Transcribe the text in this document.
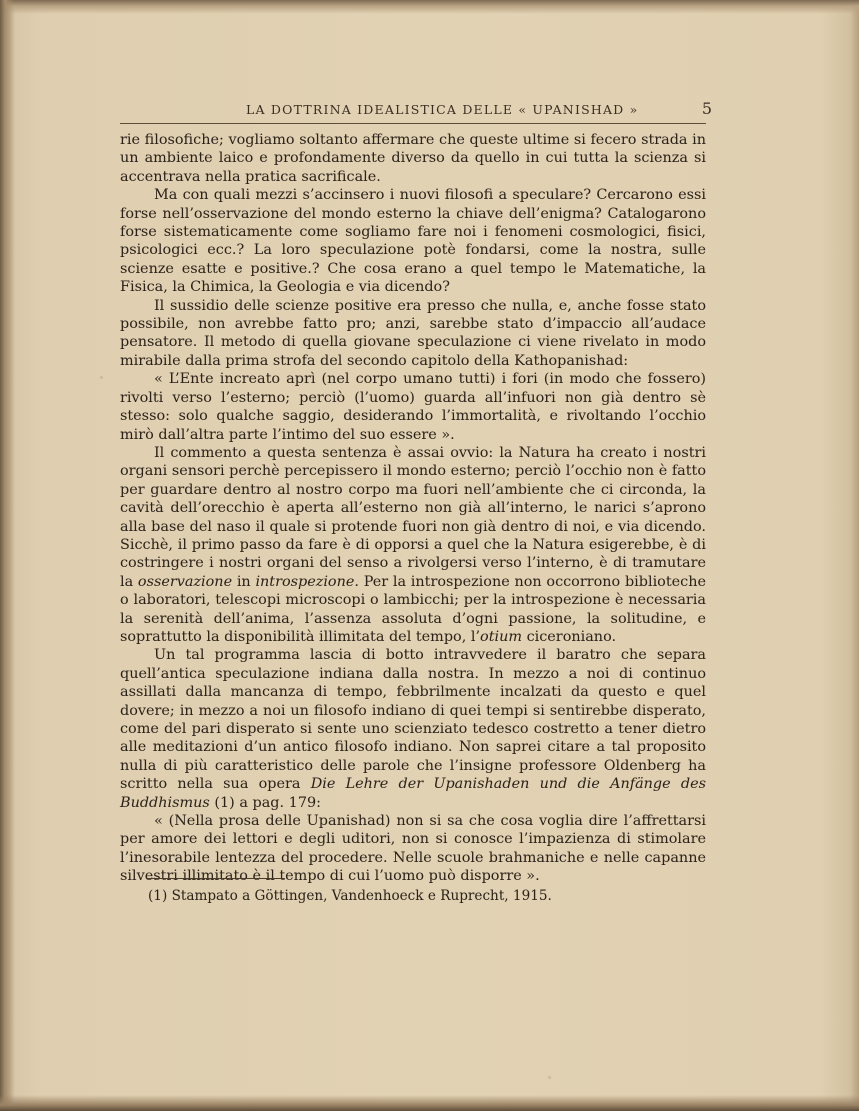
LA DOTTRINA IDEALISTICA DELLE « UPANISHAD »	5

rie filosofiche; vogliamo soltanto affermare che queste ultime si fecero strada in un ambiente laico e profondamente diverso da quello in cui tutta la scienza si accentrava nella pratica sacrificale.

Ma con quali mezzi s’accinsero i nuovi filosofi a speculare? Cercarono essi forse nell’osservazione del mondo esterno la chiave dell’enigma? Catalogarono forse sistematicamente come sogliamo fare noi i fenomeni cosmologici, fisici, psicologici ecc.? La loro speculazione potè fondarsi, come la nostra, sulle scienze esatte e positive.? Che cosa erano a quel tempo le Matematiche, la Fisica, la Chimica, la Geologia e via dicendo?

Il sussidio delle scienze positive era presso che nulla, e, anche fosse stato possibile, non avrebbe fatto pro; anzi, sarebbe stato d’impaccio all’audace pensatore. Il metodo di quella giovane speculazione ci viene rivelato in modo mirabile dalla prima strofa del secondo capitolo della Kathopanishad:

« L’Ente increato aprì (nel corpo umano tutti) i fori (in modo che fossero) rivolti verso l’esterno; perciò (l’uomo) guarda all’infuori non già dentro sè stesso: solo qualche saggio, desiderando l’immortalità, e rivoltando l’occhio mirò dall’altra parte l’intimo del suo essere ».

Il commento a questa sentenza è assai ovvio: la Natura ha creato i nostri organi sensori perchè percepissero il mondo esterno; perciò l’occhio non è fatto per guardare dentro al nostro corpo ma fuori nell’ambiente che ci circonda, la cavità dell’orecchio è aperta all’esterno non già all’interno, le narici s’aprono alla base del naso il quale si protende fuori non già dentro di noi, e via dicendo. Sicchè, il primo passo da fare è di opporsi a quel che la Natura esigerebbe, è di costringere i nostri organi del senso a rivolgersi verso l’interno, è di tramutare la osservazione in introspezione. Per la introspezione non occorrono biblioteche o laboratori, telescopi microscopi o lambicchi; per la introspezione è necessaria la serenità dell’anima, l’assenza assoluta d’ogni passione, la solitudine, e soprattutto la disponibilità illimitata del tempo, l’otium ciceroniano.

Un tal programma lascia di botto intravvedere il baratro che separa quell’antica speculazione indiana dalla nostra. In mezzo a noi di continuo assillati dalla mancanza di tempo, febbrilmente incalzati da questo e quel dovere; in mezzo a noi un filosofo indiano di quei tempi si sentirebbe disperato, come del pari disperato si sente uno scienziato tedesco costretto a tener dietro alle meditazioni d’un antico filosofo indiano. Non saprei citare a tal proposito nulla di più caratteristico delle parole che l’insigne professore Oldenberg ha scritto nella sua opera Die Lehre der Upanishaden und die Anfänge des Buddhismus (1) a pag. 179:

« (Nella prosa delle Upanishad) non si sa che cosa voglia dire l’affrettarsi per amore dei lettori e degli uditori, non si conosce l’impazienza di stimolare l’inesorabile lentezza del procedere. Nelle scuole brahmaniche e nelle capanne silvestri illimitato è il tempo di cui l’uomo può disporre ».

(1) Stampato a Göttingen, Vandenhoeck e Ruprecht, 1915.
